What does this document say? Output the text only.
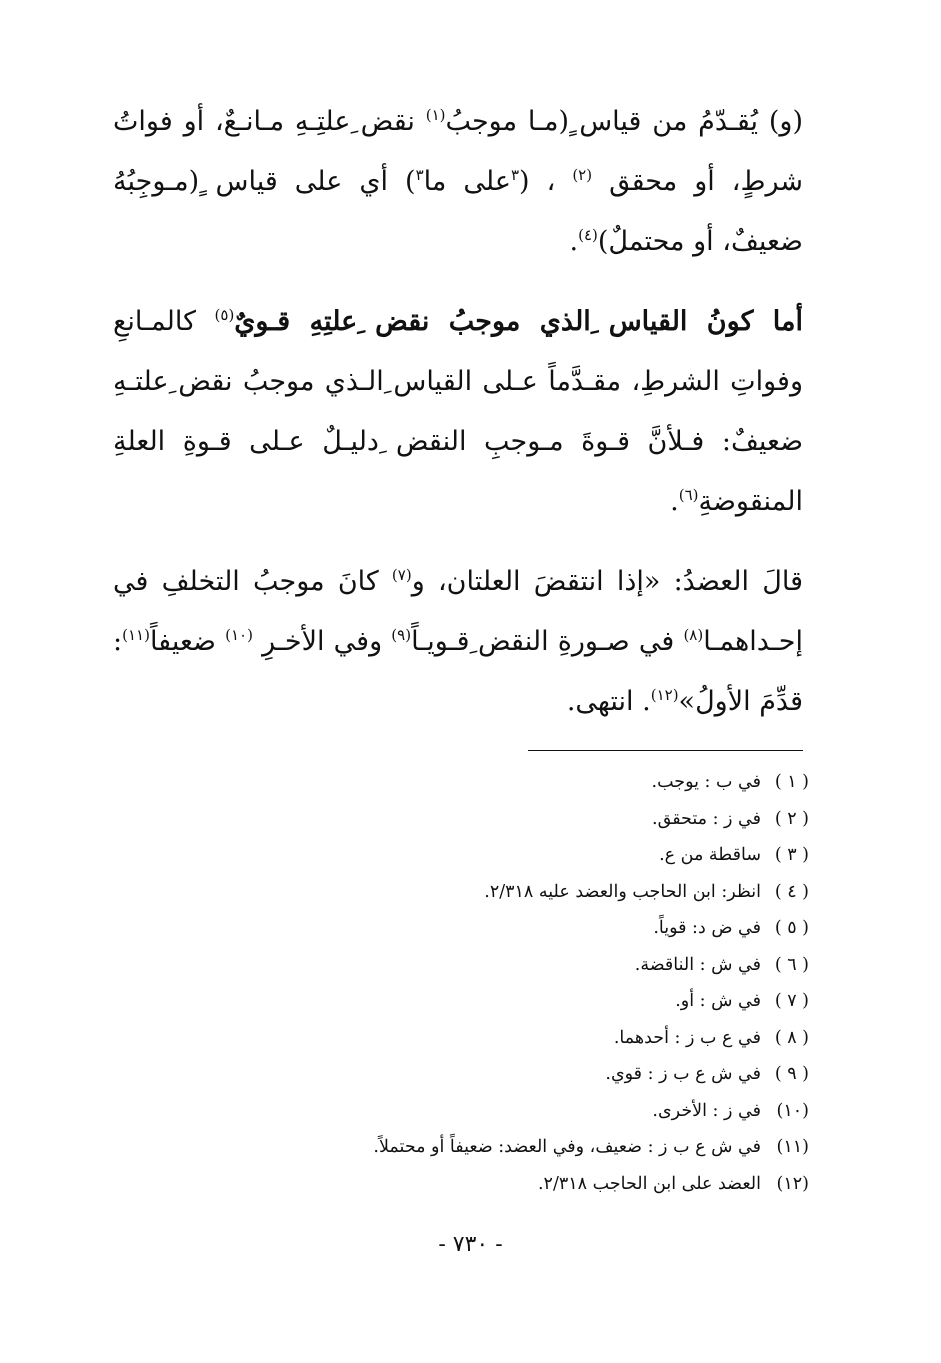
(و) يُقـدّمُ من قياس ٍ(مـا موجبُ$^{(١)}$ نقض ِعلتِـهِ مـانـعٌ، أو فواتُ شرطٍ، أو محقق $^{(٢)}$ ، ($^٣$على ما$^٣$) أي على قياس ٍ(مـوجِبُهُ ضعيفٌ، أو محتملٌ)$^{(٤)}$.

أما كونُ القياس ِالذي موجبُ نقض ِعلتِهِ قـويٌ$^{(٥)}$ كالمـانعِ وفواتِ الشرطِ، مقـدَّماً عـلى القياس ِالـذي موجبُ نقض ِعلتـهِ ضعيفٌ: فـلأنَّ قـوةَ مـوجبِ النقض ِدليـلٌ عـلى قـوةِ العلةِ المنقوضةِ$^{(٦)}$.

قالَ العضدُ: «إذا انتقضَ العلتان، و$^{(٧)}$ كانَ موجبُ التخلفِ في إحـداهمـا$^{(٨)}$ في صـورةِ النقض ِقـويـاً$^{(٩)}$ وفي الأخـرِ $^{(١٠)}$ ضعيفاً$^{(١١)}$: قدِّمَ الأولُ»$^{(١٢)}$. انتهى.

( ١ )في ب : يوجب.
( ٢ )في ز : متحقق.
( ٣ )ساقطة من ع.
( ٤ )انظر: ابن الحاجب والعضد عليه ٢/٣١٨.
( ٥ )في ض د: قوياً.
( ٦ )في ش : الناقضة.
( ٧ )في ش : أو.
( ٨ )في ع ب ز : أحدهما.
( ٩ )في ش ع ب ز : قوي.
(١٠)في ز : الأخرى.
(١١)في ش ع ب ز : ضعيف، وفي العضد: ضعيفاً أو محتملاً.
(١٢)العضد على ابن الحاجب ٢/٣١٨.
- ٧٣٠ -
